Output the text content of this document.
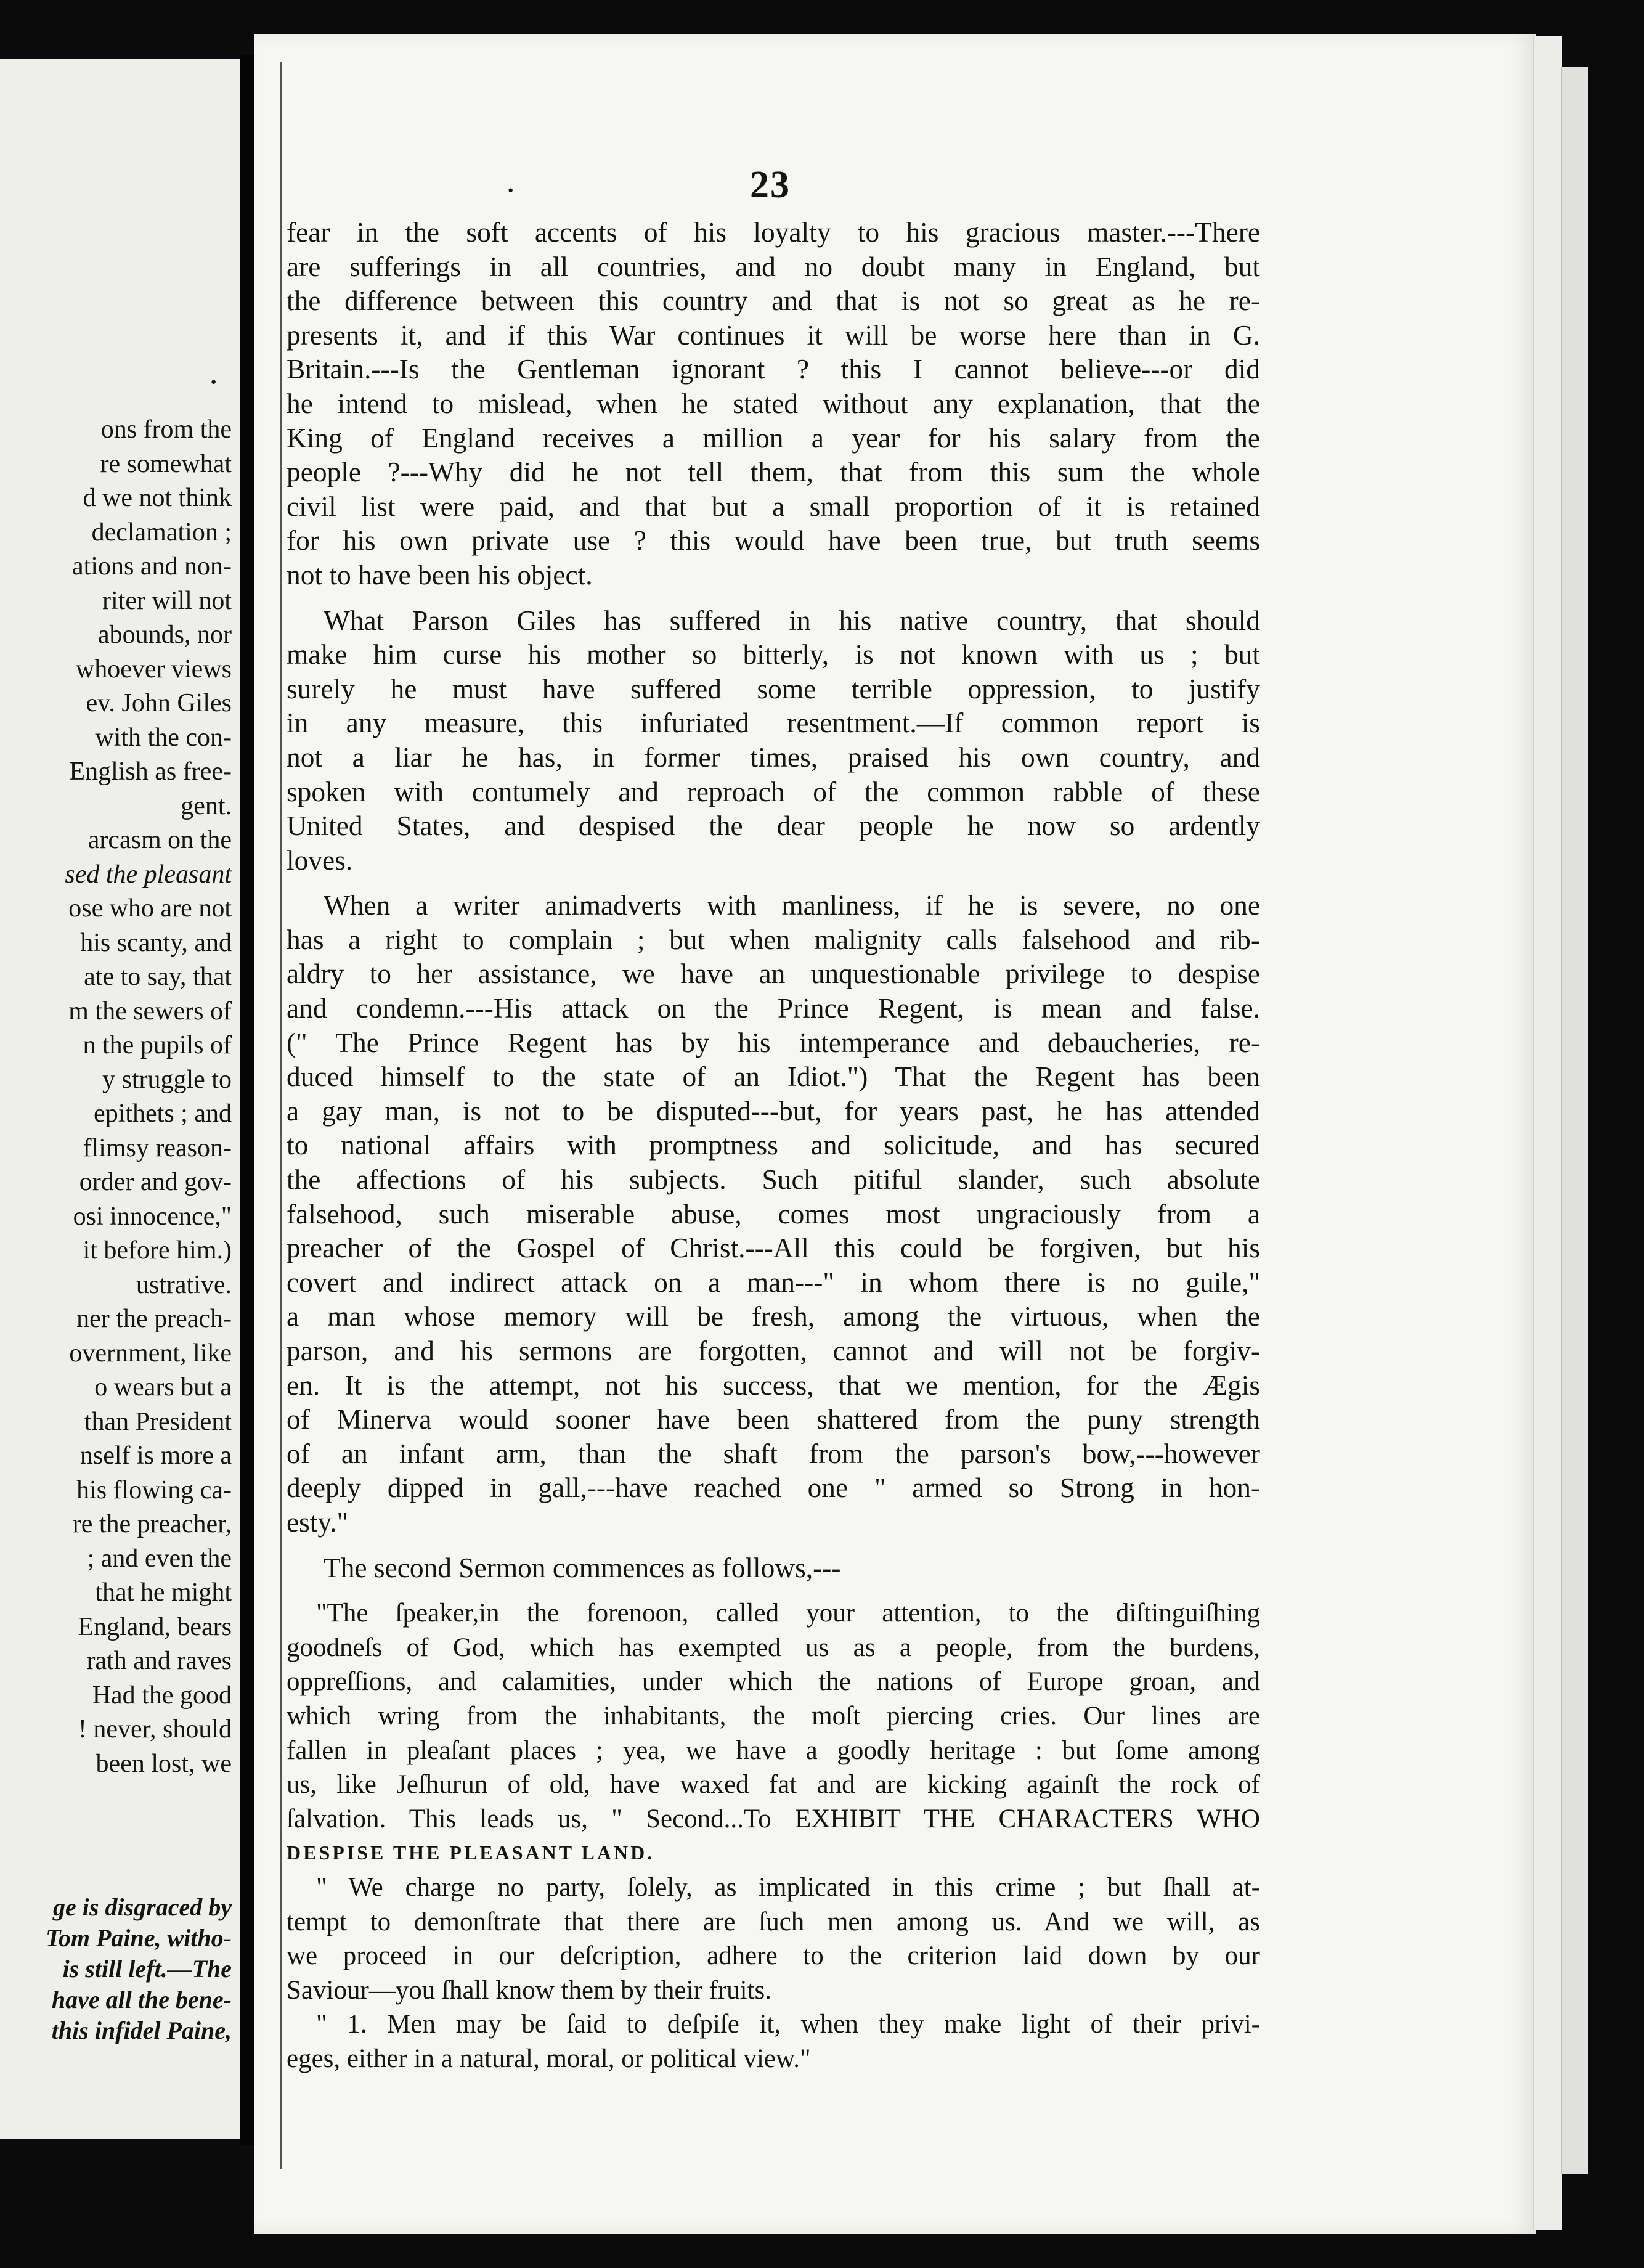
ons from the
re somewhat
d we not think
declamation ;
ations and non-
riter will not
abounds, nor
whoever views
ev. John Giles
with the con-
English as free-
gent.
arcasm on the
sed the pleasant
ose who are not
his scanty, and
ate to say, that
m the sewers of
n the pupils of
y struggle to
epithets ; and
flimsy reason-
order and gov-
osi innocence,"
it before him.)
ustrative.
ner the preach-
overnment, like
o wears but a
than President
nself is more a
his flowing ca-
re the preacher,
; and even the
that he might
England, bears
rath and raves
Had the good
! never, should
been lost, we
ge is disgraced by
Tom Paine, witho-
is still left.—The
have all the bene-
this infidel Paine,
·
·
23
fear in the soft accents of his loyalty to his gracious master.---There
are sufferings in all countries, and no doubt many in England, but
the difference between this country and that is not so great as he re-
presents it, and if this War continues it will be worse here than in G.
Britain.---Is the Gentleman ignorant ? this I cannot believe---or did
he intend to mislead, when he stated without any explanation, that the
King of England receives a million a year for his salary from the
people ?---Why did he not tell them, that from this sum the whole
civil list were paid, and that but a small proportion of it is retained
for his own private use ? this would have been true, but truth seems
not to have been his object.
What Parson Giles has suffered in his native country, that should
make him curse his mother so bitterly, is not known with us ; but
surely he must have suffered some terrible oppression, to justify
in any measure, this infuriated resentment.—If common report is
not a liar he has, in former times, praised his own country, and
spoken with contumely and reproach of the common rabble of these
United States, and despised the dear people he now so ardently
loves.
When a writer animadverts with manliness, if he is severe, no one
has a right to complain ; but when malignity calls falsehood and rib-
aldry to her assistance, we have an unquestionable privilege to despise
and condemn.---His attack on the Prince Regent, is mean and false.
(" The Prince Regent has by his intemperance and debaucheries, re-
duced himself to the state of an Idiot.") That the Regent has been
a gay man, is not to be disputed---but, for years past, he has attended
to national affairs with promptness and solicitude, and has secured
the affections of his subjects. Such pitiful slander, such absolute
falsehood, such miserable abuse, comes most ungraciously from a
preacher of the Gospel of Christ.---All this could be forgiven, but his
covert and indirect attack on a man---" in whom there is no guile,"
a man whose memory will be fresh, among the virtuous, when the
parson, and his sermons are forgotten, cannot and will not be forgiv-
en. It is the attempt, not his success, that we mention, for the Ægis
of Minerva would sooner have been shattered from the puny strength
of an infant arm, than the shaft from the parson's bow,---however
deeply dipped in gall,---have reached one " armed so Strong in hon-
esty."
The second Sermon commences as follows,---
"The ſpeaker,in the forenoon, called your attention, to the diſtinguiſhing
goodneſs of God, which has exempted us as a people, from the burdens,
oppreſſions, and calamities, under which the nations of Europe groan, and
which wring from the inhabitants, the moſt piercing cries. Our lines are
fallen in pleaſant places ; yea, we have a goodly heritage : but ſome among
us, like Jeſhurun of old, have waxed fat and are kicking againſt the rock of
ſalvation. This leads us, " Second...To EXHIBIT THE CHARACTERS WHO
DESPISE THE PLEASANT LAND.
" We charge no party, ſolely, as implicated in this crime ; but ſhall at-
tempt to demonſtrate that there are ſuch men among us. And we will, as
we proceed in our deſcription, adhere to the criterion laid down by our
Saviour—you ſhall know them by their fruits.
" 1. Men may be ſaid to deſpiſe it, when they make light of their privi-
eges, either in a natural, moral, or political view."
